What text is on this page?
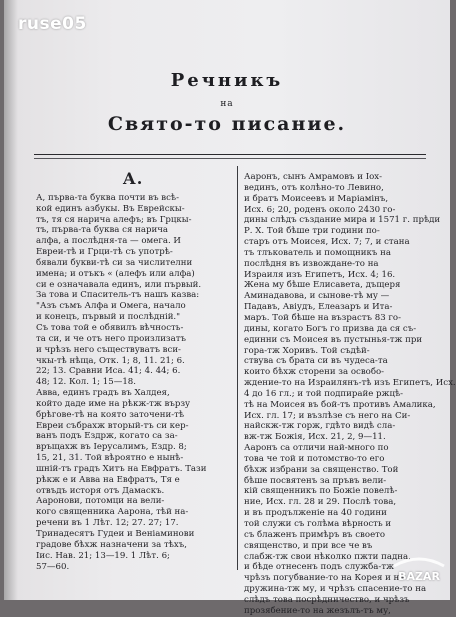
ruse05
Речникъ
на
Свято-то писание.
А.
А, първа-та буква почти въ всѣ-
кой единъ азбукы. Въ Еврейскы-
тъ, тя ся нарича алефъ; въ Грцкы-
тъ, първа-та буква ся нарича
алфа, а послѣдня-та — омега. И
Евреи-тѣ и Грци-тѣ съ употрѣ-
бявали букви-тѣ си за числителни
имена; и отъкъ « (алефъ или алфа)
си е означавала единъ, или първый.
За това и Спаситель-тъ нашъ казва:
"Азъ съмъ Алфа и Омега, начало
и конецъ, първый и послѣдній."
Съ това той е обявилъ вѣчность-
та си, и че отъ него произлизатъ
и чрѣзъ него съществуватъ вси-
чкы-тѣ нѣща, Отк. 1; 8, 11. 21; 6.
22; 13. Сравни Иса. 41; 4. 44; 6.
48; 12. Кол. 1; 15—18.
Авва, единъ градъ въ Халдея,
който даде име на рѣкж-тж вързу
брѣгове-тѣ на коятo заточени-тѣ
Евреи събрахж вторый-тъ си кер-
ванъ подъ Ездрж, когато са за-
връщахж въ Іерусалимъ, Ездр. 8;
15, 21, 31. Той вѣроятно е нынѣ-
шнiй-тъ градъ Хитъ на Евфратъ. Тази
рѣкж е и Авва на Евфратъ, Тя е
отвъдъ исторя отъ Дамаскъ.
Ааронови, потомци на вели-
кого священника Аарона, тѣй на-
речени въ 1 Лѣт. 12; 27. 27; 17.
Тринадесятъ Гудеи и Веніаминови
градове бѣхж назначени за тѣхъ,
Іис. Нав. 21; 13—19. 1 Лѣт. 6;
57—60.
Ааронъ, сынъ Амрамовъ и Іох-
вединъ, отъ колѣно-то Левино,
и братъ Моисеевъ и Маріамінъ,
Исх. 6; 20, роденъ около 2430 го-
дины слѣдъ създание мира и 1571 г. прѣди
Р. Х. Той бѣше три години по-
старъ отъ Моисея, Исх. 7; 7, и стана
тъ тлъкователь и помощникъ на
послѣдня въ извождане-то на
Израиля изъ Египетъ, Исх. 4; 16.
Жена му бѣше Елисавета, дъщеря
Аминадавова, и сынове-тѣ му —
Падавъ, Авіудъ, Елеазаръ и Ита-
маръ. Той бѣше на възрастъ 83 го-
дины, когато Богъ го призва да ся съ-
единни съ Моисея въ пустынья-тж при
гора-тж Хоривъ. Той съдѣй-
ствува съ брата си въ чудеса-та
които бѣхж сторени за освобо-
ждение-то на Израилянъ-тѣ изъ Египетъ, Исх.
4 до 16 гл.; и той подпирайе ржцѣ-
тѣ на Моисея въ бой-тъ противъ Амалика,
Исх. гл. 17; и възлѣзе съ него на Си-
найскж-тж горж, гдѣто видѣ сла-
вж-тж Божія, Исх. 21, 2, 9—11.
Ааронъ са отличи най-много по
това че той и потомство-то его
бѣхж избрани за священство. Той
бѣше посвятенъ за пръвъ вели-
кій священникъ по Божіе повелѣ-
ние, Исх. гл. 28 и 29. Послѣ това,
и въ продълженіе на 40 години
той служи съ голѣма вѣрность и
съ блаженъ примѣръ въ своето
священство, и при все че въ
слабж-тж свои нѣколко пжти падна,
и бѣде отнесенъ подъ служба-тж
чрѣзъ погубвание-то на Корея и на
дружина-тж му, и чрѣзъ спасение-то на
слѣдъ това посрѣдничество, и чрѣзъ
прозябение-то на жезълъ-тъ му,
BAZAR
